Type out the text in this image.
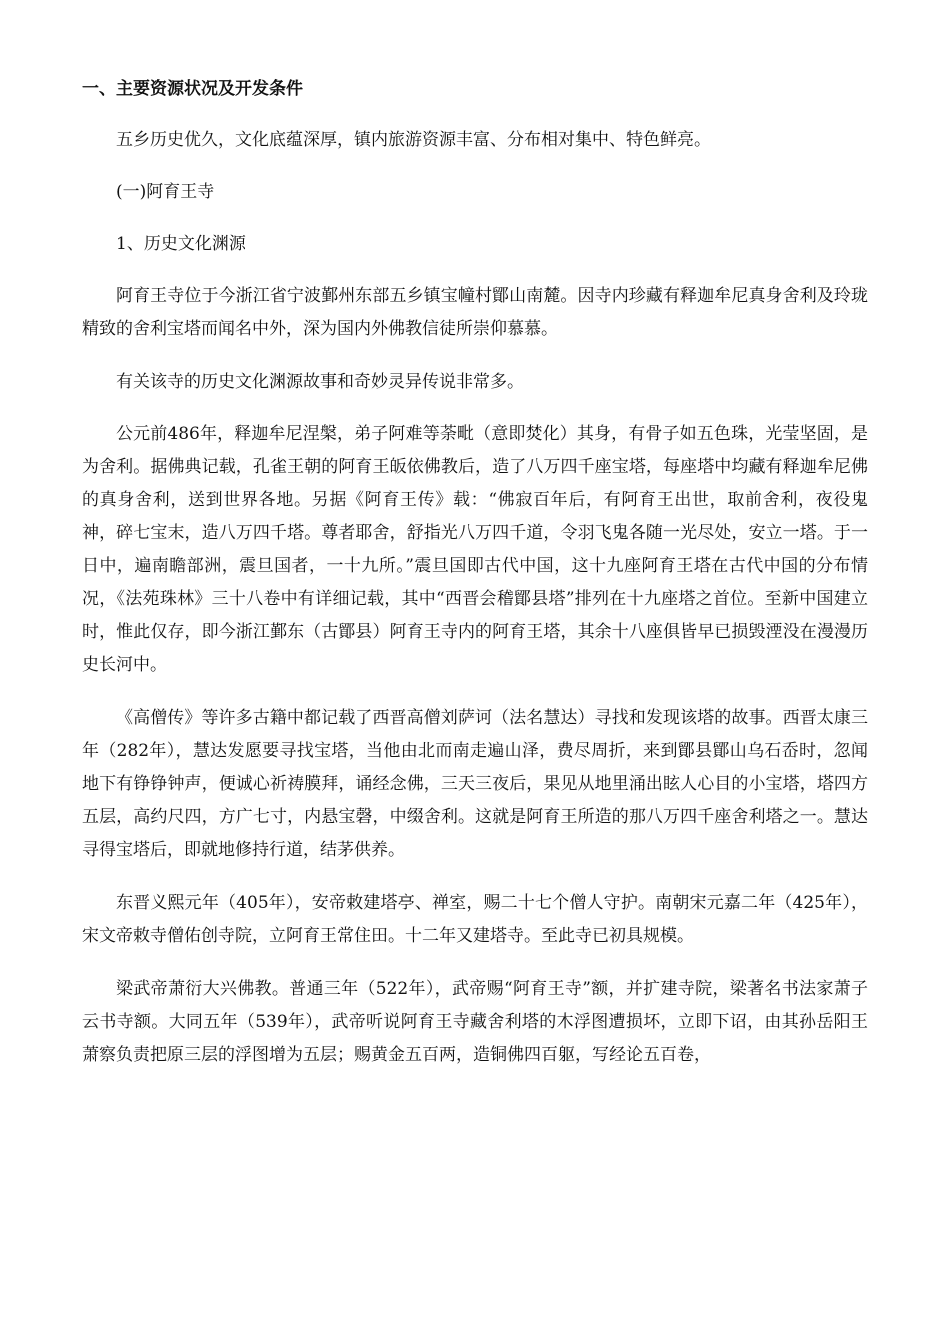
一、主要资源状况及开发条件

五乡历史优久，文化底蕴深厚，镇内旅游资源丰富、分布相对集中、特色鲜亮。

(一)阿育王寺

1、历史文化渊源

阿育王寺位于今浙江省宁波鄞州东部五乡镇宝幢村鄮山南麓。因寺内珍藏有释迦牟尼真身舍利及玲珑精致的舍利宝塔而闻名中外，深为国内外佛教信徒所崇仰慕慕。

有关该寺的历史文化渊源故事和奇妙灵异传说非常多。

公元前486年，释迦牟尼涅槃，弟子阿难等荼毗（意即焚化）其身，有骨子如五色珠，光莹坚固，是为舍利。据佛典记载，孔雀王朝的阿育王皈依佛教后，造了八万四千座宝塔，每座塔中均藏有释迦牟尼佛的真身舍利，送到世界各地。另据《阿育王传》载：“佛寂百年后，有阿育王出世，取前舍利，夜役鬼神，碎七宝末，造八万四千塔。尊者耶舍，舒指光八万四千道，令羽飞鬼各随一光尽处，安立一塔。于一日中，遍南瞻部洲，震旦国者，一十九所。”震旦国即古代中国，这十九座阿育王塔在古代中国的分布情况，《法苑珠林》三十八卷中有详细记载，其中“西晋会稽鄮县塔”排列在十九座塔之首位。至新中国建立时，惟此仅存，即今浙江鄞东（古鄮县）阿育王寺内的阿育王塔，其余十八座俱皆早已损毁湮没在漫漫历史长河中。

《高僧传》等许多古籍中都记载了西晋高僧刘萨诃（法名慧达）寻找和发现该塔的故事。西晋太康三年（282年），慧达发愿要寻找宝塔，当他由北而南走遍山泽，费尽周折，来到鄮县鄮山乌石岙时，忽闻地下有铮铮钟声，便诚心祈祷膜拜，诵经念佛，三天三夜后，果见从地里涌出眩人心目的小宝塔，塔四方五层，高约尺四，方广七寸，内悬宝磬，中缀舍利。这就是阿育王所造的那八万四千座舍利塔之一。慧达寻得宝塔后，即就地修持行道，结茅供养。

东晋义熙元年（405年），安帝敕建塔亭、禅室，赐二十七个僧人守护。南朝宋元嘉二年（425年），宋文帝敕寺僧佑创寺院，立阿育王常住田。十二年又建塔寺。至此寺已初具规模。

梁武帝萧衍大兴佛教。普通三年（522年），武帝赐“阿育王寺”额，并扩建寺院，梁著名书法家萧子云书寺额。大同五年（539年），武帝听说阿育王寺藏舍利塔的木浮图遭损坏，立即下诏，由其孙岳阳王萧察负责把原三层的浮图增为五层；赐黄金五百两，造铜佛四百躯，写经论五百卷，
